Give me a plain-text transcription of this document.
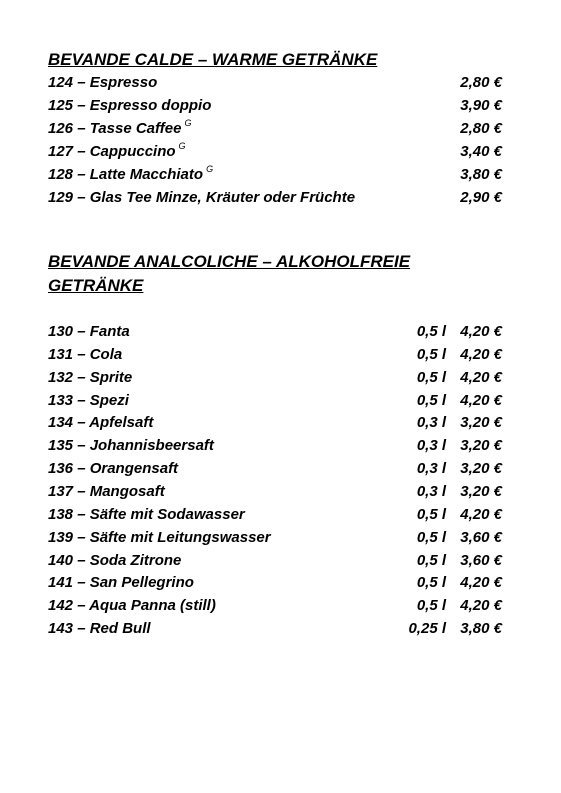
BEVANDE CALDE – WARME GETRÄNKE
124 – Espresso	2,80 €
125 – Espresso doppio	3,90 €
126 – Tasse Caffee $^G$	2,80 €
127 – Cappuccino $^G$	3,40 €
128 – Latte Macchiato $^G$	3,80 €
129 – Glas Tee Minze, Kräuter oder Früchte	2,90 €
BEVANDE ANALCOLICHE – ALKOHOLFREIE GETRÄNKE
130 – Fanta	0,5 l 4,20 €
131 – Cola	0,5 l 4,20 €
132 – Sprite	0,5 l 4,20 €
133 – Spezi	0,5 l 4,20 €
134 – Apfelsaft	0,3 l 3,20 €
135 – Johannisbeersaft	0,3 l 3,20 €
136 – Orangensaft	0,3 l 3,20 €
137 – Mangosaft	0,3 l 3,20 €
138 – Säfte mit Sodawasser	0,5 l 4,20 €
139 – Säfte mit Leitungswasser	0,5 l 3,60 €
140 – Soda Zitrone	0,5 l 3,60 €
141 – San Pellegrino	0,5 l 4,20 €
142 – Aqua Panna (still)	0,5 l 4,20 €
143 – Red Bull	0,25 l 3,80 €
